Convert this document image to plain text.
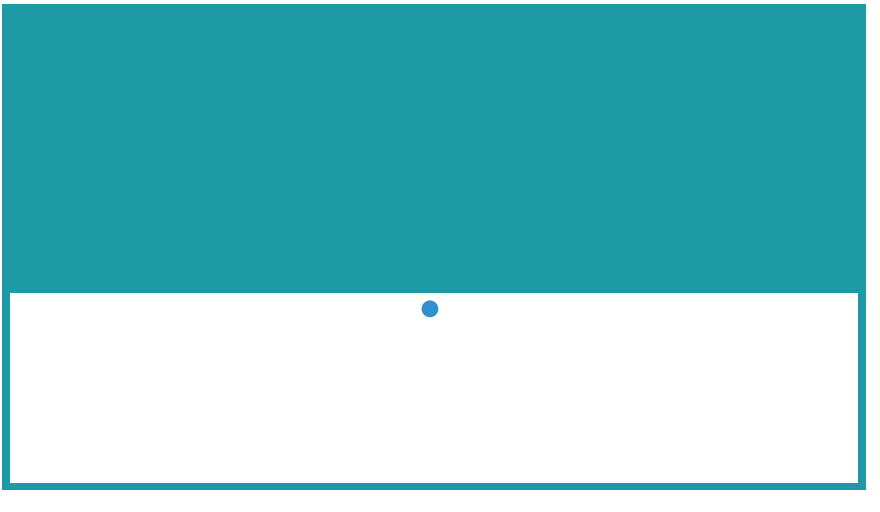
⬤
